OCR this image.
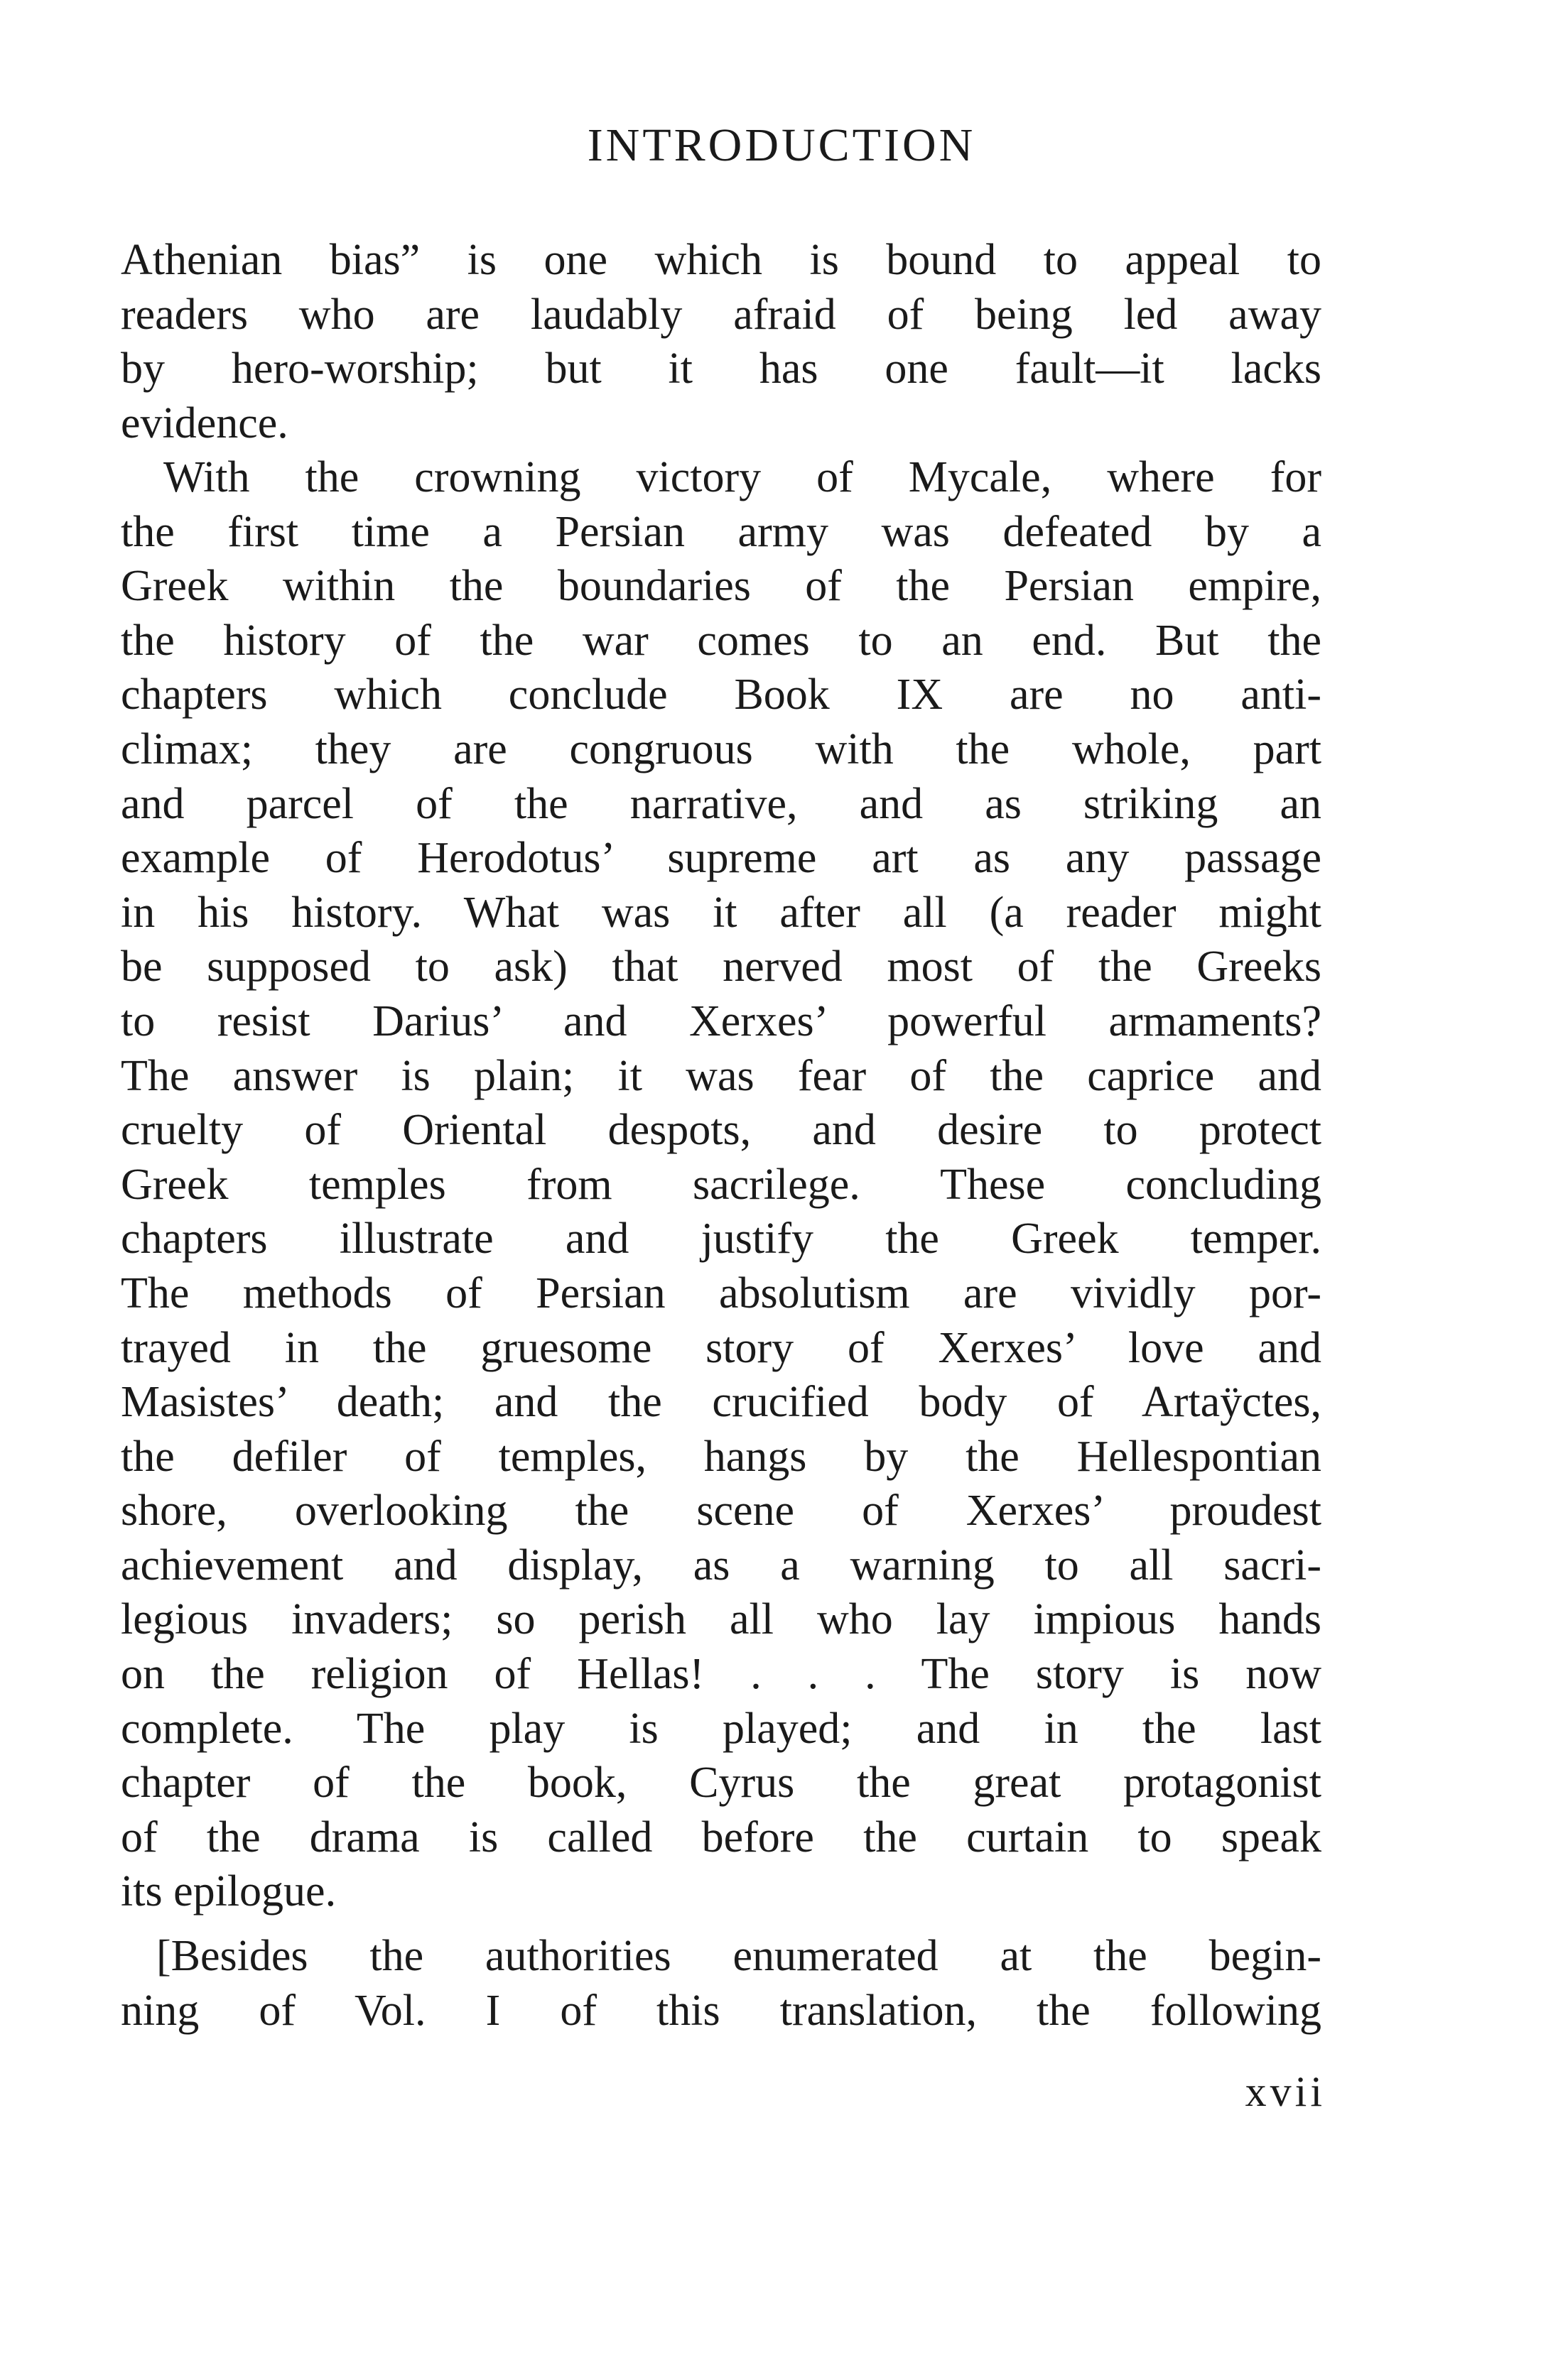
INTRODUCTION
Athenian bias” is one which is bound to appeal to
readers who are laudably afraid of being led away
by hero-worship; but it has one fault—it lacks
evidence.
With the crowning victory of Mycale, where for
the first time a Persian army was defeated by a
Greek within the boundaries of the Persian empire,
the history of the war comes to an end. But the
chapters which conclude Book IX are no anti-
climax; they are congruous with the whole, part
and parcel of the narrative, and as striking an
example of Herodotus’ supreme art as any passage
in his history. What was it after all (a reader might
be supposed to ask) that nerved most of the Greeks
to resist Darius’ and Xerxes’ powerful armaments?
The answer is plain; it was fear of the caprice and
cruelty of Oriental despots, and desire to protect
Greek temples from sacrilege. These concluding
chapters illustrate and justify the Greek temper.
The methods of Persian absolutism are vividly por-
trayed in the gruesome story of Xerxes’ love and
Masistes’ death; and the crucified body of Artaÿctes,
the defiler of temples, hangs by the Hellespontian
shore, overlooking the scene of Xerxes’ proudest
achievement and display, as a warning to all sacri-
legious invaders; so perish all who lay impious hands
on the religion of Hellas! . . . The story is now
complete. The play is played; and in the last
chapter of the book, Cyrus the great protagonist
of the drama is called before the curtain to speak
its epilogue.
[Besides the authorities enumerated at the begin-
ning of Vol. I of this translation, the following
xvii
